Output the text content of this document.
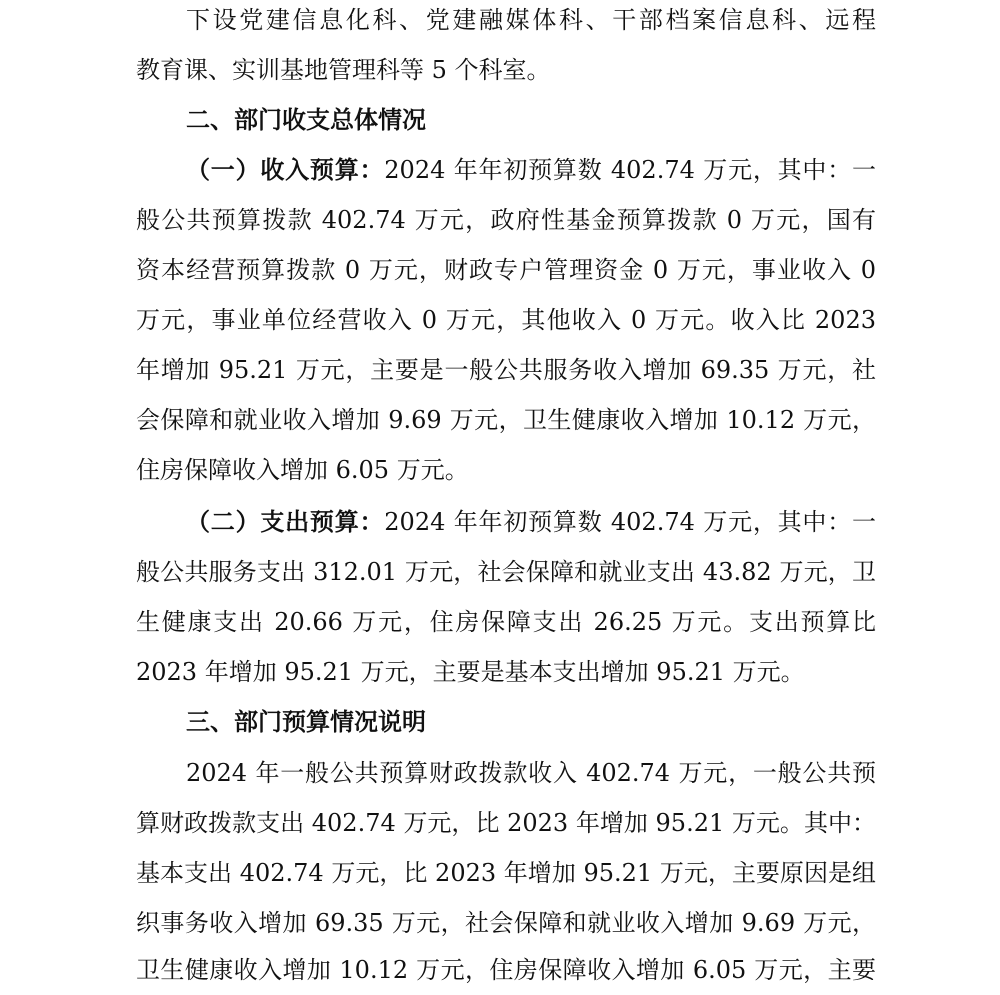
下设党建信息化科、党建融媒体科、干部档案信息科、远程
教育课、实训基地管理科等 5 个科室。
二、部门收支总体情况
（一）收入预算：2024 年年初预算数 402.74 万元，其中：一
般公共预算拨款 402.74 万元，政府性基金预算拨款 0 万元，国有
资本经营预算拨款 0 万元，财政专户管理资金 0 万元，事业收入 0
万元，事业单位经营收入 0 万元，其他收入 0 万元。收入比 2023
年增加 95.21 万元，主要是一般公共服务收入增加 69.35 万元，社
会保障和就业收入增加 9.69 万元，卫生健康收入增加 10.12 万元，
住房保障收入增加 6.05 万元。
（二）支出预算：2024 年年初预算数 402.74 万元，其中：一
般公共服务支出 312.01 万元，社会保障和就业支出 43.82 万元，卫
生健康支出 20.66 万元，住房保障支出 26.25 万元。支出预算比
2023 年增加 95.21 万元，主要是基本支出增加 95.21 万元。
三、部门预算情况说明
2024 年一般公共预算财政拨款收入 402.74 万元，一般公共预
算财政拨款支出 402.74 万元，比 2023 年增加 95.21 万元。其中：
基本支出 402.74 万元，比 2023 年增加 95.21 万元，主要原因是组
织事务收入增加 69.35 万元，社会保障和就业收入增加 9.69 万元，
卫生健康收入增加 10.12 万元，住房保障收入增加 6.05 万元，主要
